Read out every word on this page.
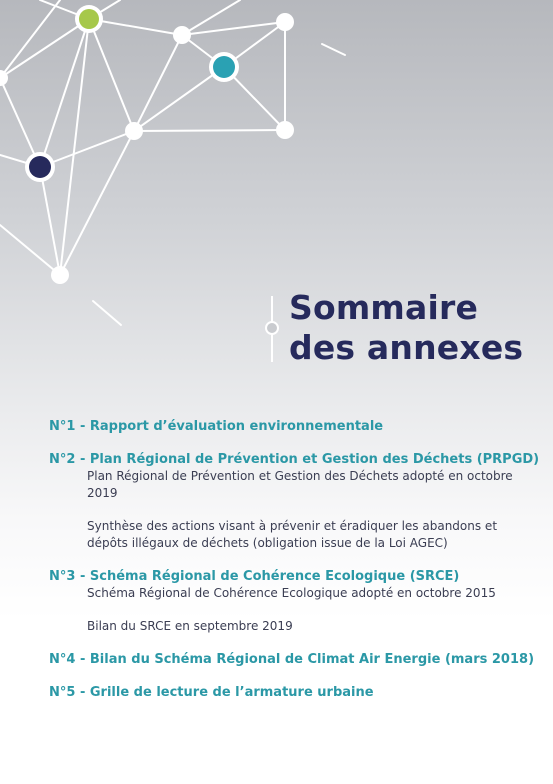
Sommaire
des annexes
N°1 - Rapport d’évaluation environnementale
N°2 - Plan Régional de Prévention et Gestion des Déchets (PRPGD)
Plan Régional de Prévention et Gestion des Déchets adopté en octobre 2019
Synthèse des actions visant à prévenir et éradiquer les abandons et dépôts illégaux de déchets (obligation issue de la Loi AGEC)
N°3 - Schéma Régional de Cohérence Ecologique (SRCE)
Schéma Régional de Cohérence Ecologique adopté en octobre 2015
Bilan du SRCE en septembre 2019
N°4 - Bilan du Schéma Régional de Climat Air Energie (mars 2018)
N°5 - Grille de lecture de l’armature urbaine
